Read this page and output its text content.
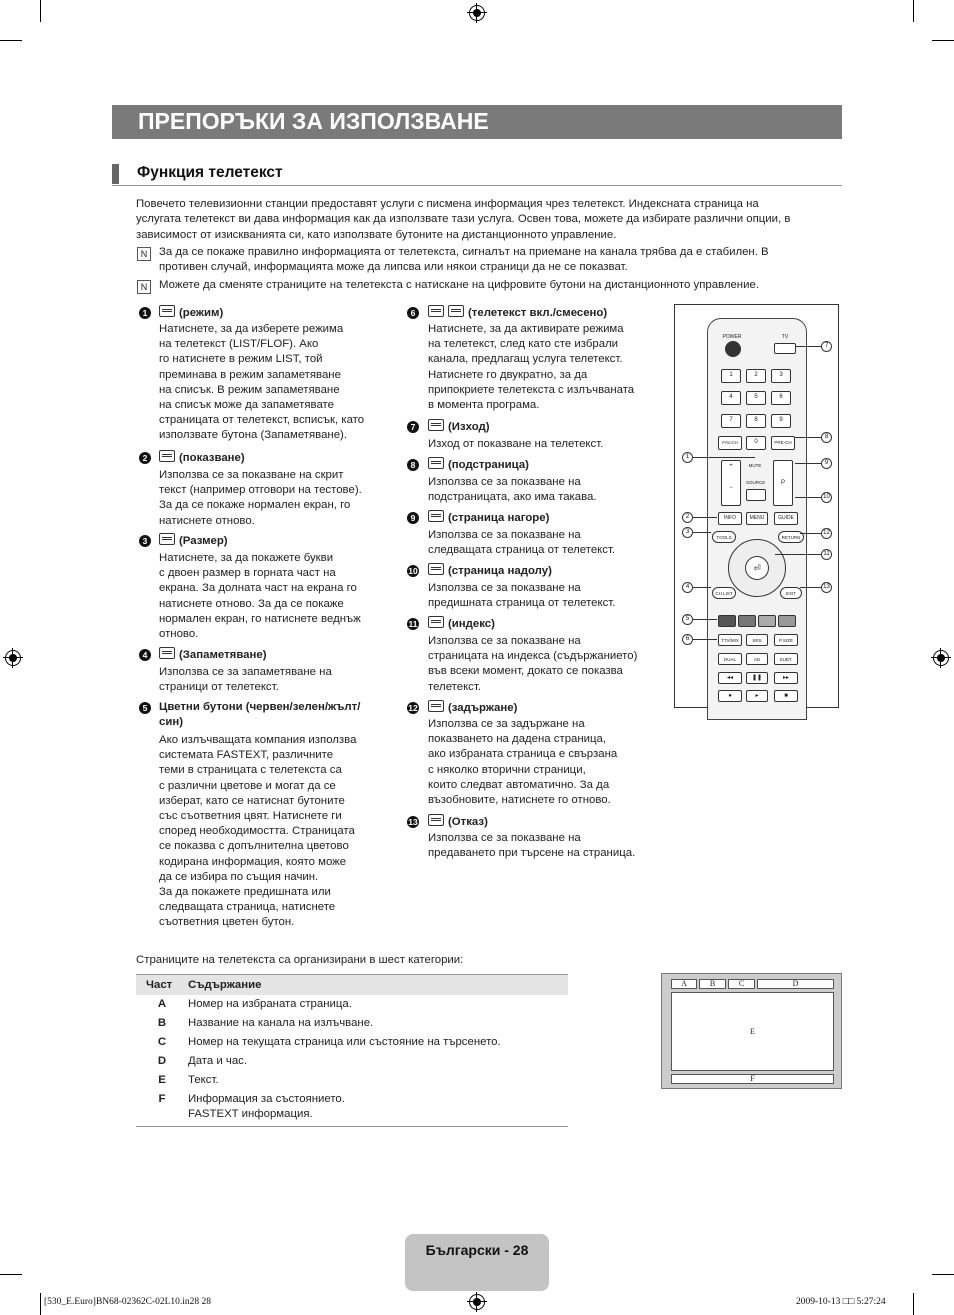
ПРЕПОРЪКИ ЗА ИЗПОЛЗВАНЕ
Функция телетекст
Повечето телевизионни станции предоставят услуги с писмена информация чрез телетекст. Индексната страница на
услугата телетекст ви дава информация как да използвате тази услуга. Освен това, можете да избирате различни опции, в
зависимост от изискванията си, като използвате бутоните на дистанционното управление.
N	За да се покаже правилно информацията от телетекста, сигналът на приемане на канала трябва да е стабилен. В
противен случай, информацията може да липсва или някои страници да не се показват.
N	Можете да сменяте страниците на телетекста с натискане на цифровите бутони на дистанционното управление.
1	(режим)
Натиснете, за да изберете режима
на телетекст (LIST/FLOF). Ако
го натиснете в режим LIST, той
преминава в режим запаметяване
на списък. В режим запаметяване
на списък може да запаметявате
страницата от телетекст, вспиcък, като
използвате бутона (Запаметяване).
2	(показване)
Използва се за показване на скрит
текст (например отговори на тестове).
За да се покаже нормален екран, го
натиснете отново.
3	(Размер)
Натиснете, за да покажете букви
с двоен размер в горната част на
екрана. За долната част на екрана го
натиснете отново. За да се покаже
нормален екран, го натиснете веднъж
отново.
4	(Запаметяване)
Използва се за запаметяване на
страници от телетекст.
5	Цветни бутони (червен/зелен/жълт/
син)
Ако излъчващата компания използва
системата FASTEXT, различните
теми в страницата с телетекста са
с различни цветове и могат да се
изберат, като се натиснат бутоните
със съответния цвят. Натиснете ги
според необходимостта. Страницата
се показва с допълнителна цветово
кодирана информация, която може
да се избира по същия начин.
За да покажете предишната или
следващата страница, натиснете
съответния цветен бутон.
6	(телетекст вкл./смесено)
Натиснете, за да активирате режима
на телетекст, след като сте избрали
канала, предлагащ услуга телетекст.
Натиснете го двукратно, за да
припокриете телетекста с излъчваната
в момента програма.
7	(Изход)
Изход от показване на телетекст.
8	(подстраница)
Използва се за показване на
подстраницата, ако има такава.
9	(страница нагоре)
Използва се за показване на
следващата страница от телетекст.
10	(страница надолу)
Използва се за показване на
предишната страница от телетекст.
11	(индекс)
Използва се за показване на
страницата на индекса (съдържанието)
във всеки момент, докато се показва
телетекст.
12	(задържане)
Използва се за задържане на
показването на дадена страница,
ако избраната страница е свързана
с няколко вторични страници,
които следват автоматично. За да
възобновите, натиснете го отново.
13	(Отказ)
Използва се за показване на
предаването при търсене на страница.
POWER	TV
1	2	3
4	5	6
7	8	9
FAV.CH	0	PRE-CH
+

−
MUTE
SOURCE	P
INFO	MENU	GUIDE
TOOLS	RETURN
⏎
CH LIST	EXIT
TTX/MIX	SRS	P.SIZE
DUAL	AD	SUBT.
◂◂	❚❚	▸▸
●	▸	■
1
2
3
4
5
6
7
8
9
10
12
11
13
Страниците на телетекста са организирани в шест категории:
Част	Съдържание
A	Номер на избраната страница.
B	Название на канала на излъчване.
C	Номер на текущата страница или състояние на търсенето.
D	Дата и час.
E	Текст.
F	Информация за състоянието.
FASTEXT информация.
A	B	C	D
E
F
Български - 28
[530_E.Euro]BN68-02362C-02L10.in28 28	2009-10-13 □□ 5:27:24
